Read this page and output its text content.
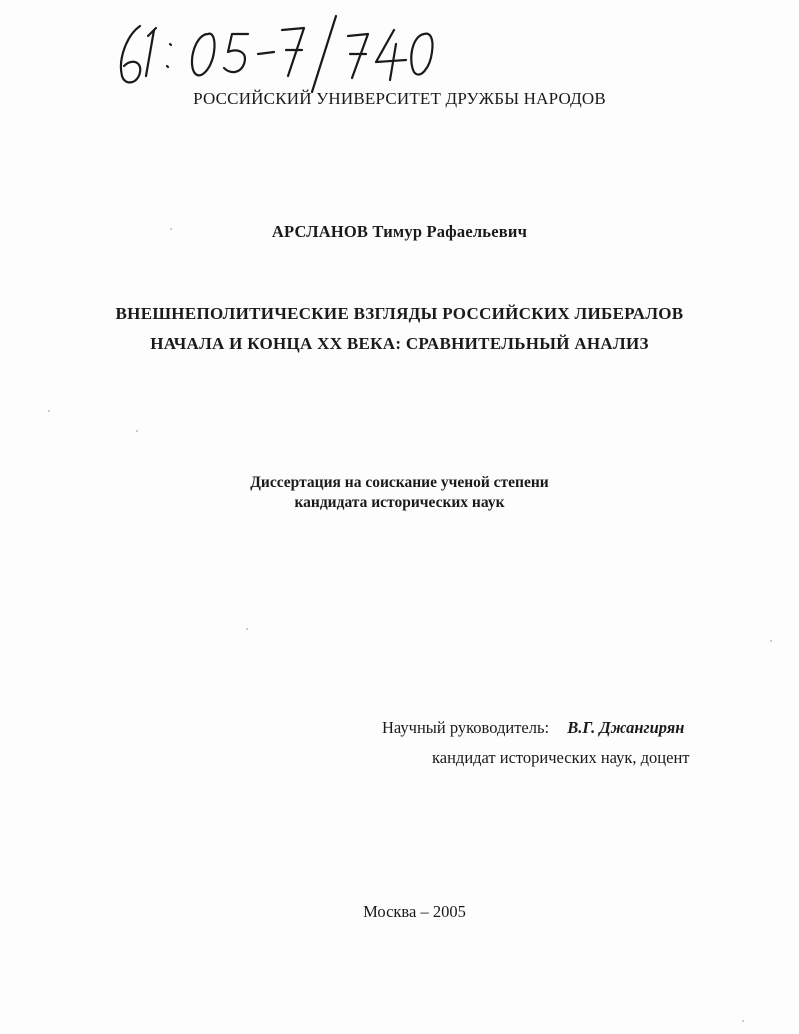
РОССИЙСКИЙ УНИВЕРСИТЕТ ДРУЖБЫ НАРОДОВ
АРСЛАНОВ Тимур Рафаельевич
ВНЕШНЕПОЛИТИЧЕСКИЕ ВЗГЛЯДЫ РОССИЙСКИХ ЛИБЕРАЛОВ
НАЧАЛА И КОНЦА XX ВЕКА: СРАВНИТЕЛЬНЫЙ АНАЛИЗ
Диссертация на соискание ученой степени
кандидата исторических наук
Научный руководитель: В.Г. Джангирян
кандидат исторических наук, доцент
Москва – 2005
